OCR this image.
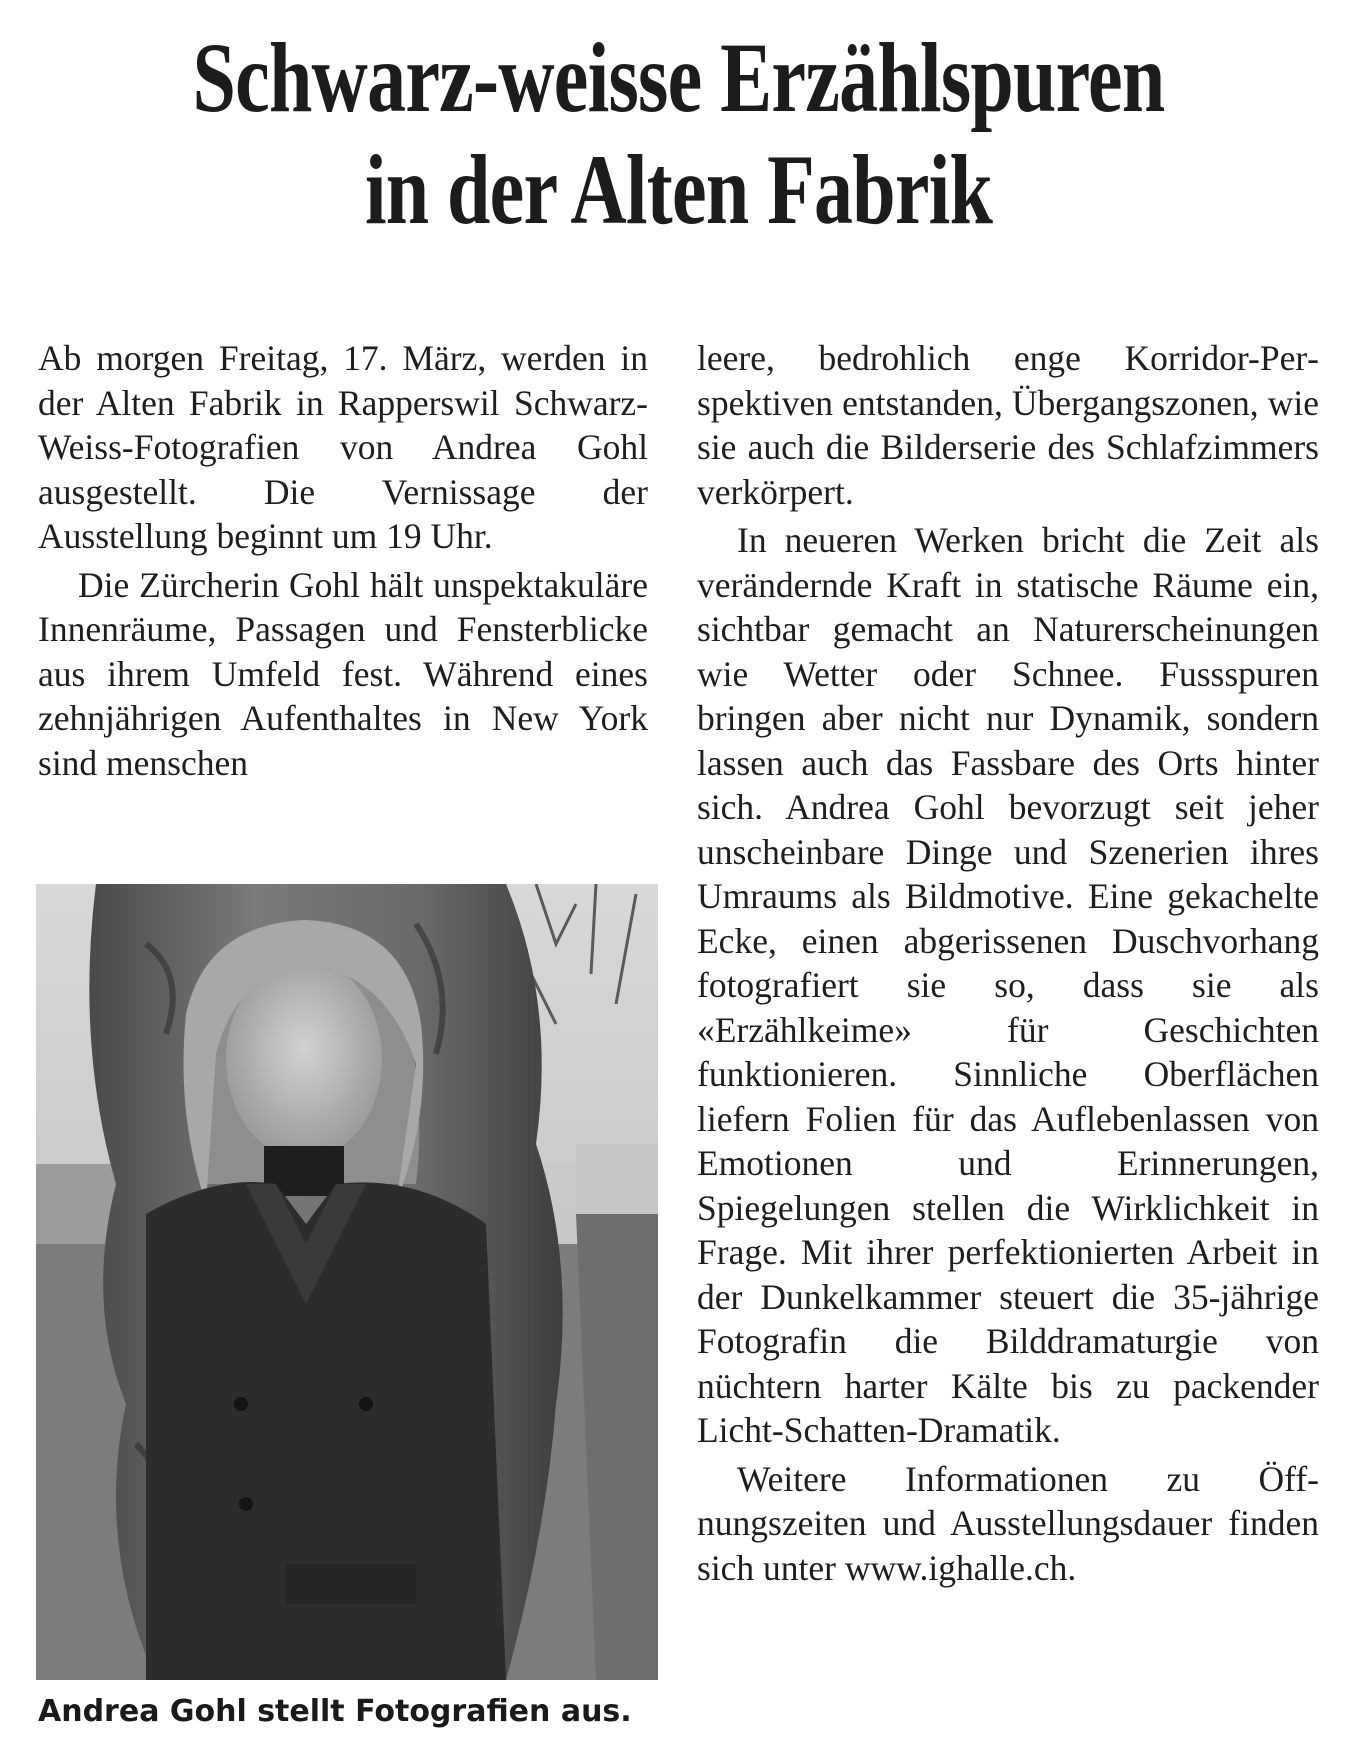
Schwarz-weisse Erzählspuren
in der Alten Fabrik

Ab morgen Freitag, 17. März, werden in der Alten Fabrik in Rapperswil Schwarz-Weiss-Fotografien von Andrea Gohl ausgestellt. Die Vernissage der Ausstellung beginnt um 19 Uhr.

Die Zürcherin Gohl hält unspektakuläre Innenräume, Passagen und Fensterblicke aus ihrem Umfeld fest. Während eines zehnjährigen Aufenthaltes in New York sind menschen

Andrea Gohl stellt Fotografien aus.

leere, bedrohlich enge Korridor-Perspektiven entstanden, Übergangszonen, wie sie auch die Bilderserie des Schlafzimmers verkörpert.

In neueren Werken bricht die Zeit als verändernde Kraft in statische Räume ein, sichtbar gemacht an Naturerscheinungen wie Wetter oder Schnee. Fussspuren bringen aber nicht nur Dynamik, sondern lassen auch das Fassbare des Orts hinter sich. Andrea Gohl bevorzugt seit jeher unscheinbare Dinge und Szenerien ihres Umraums als Bildmotive. Eine gekachelte Ecke, einen abgerissenen Duschvorhang fotografiert sie so, dass sie als «Erzählkeime» für Geschichten funktionieren. Sinnliche Oberflächen liefern Folien für das Auflebenlassen von Emotionen und Erinnerungen, Spiegelungen stellen die Wirklichkeit in Frage. Mit ihrer perfektionierten Arbeit in der Dunkelkammer steuert die 35-jährige Fotografin die Bilddramaturgie von nüchtern harter Kälte bis zu packender Licht-Schatten-Dramatik.

Weitere Informationen zu Öffnungszeiten und Ausstellungsdauer finden sich unter www.ighalle.ch.
